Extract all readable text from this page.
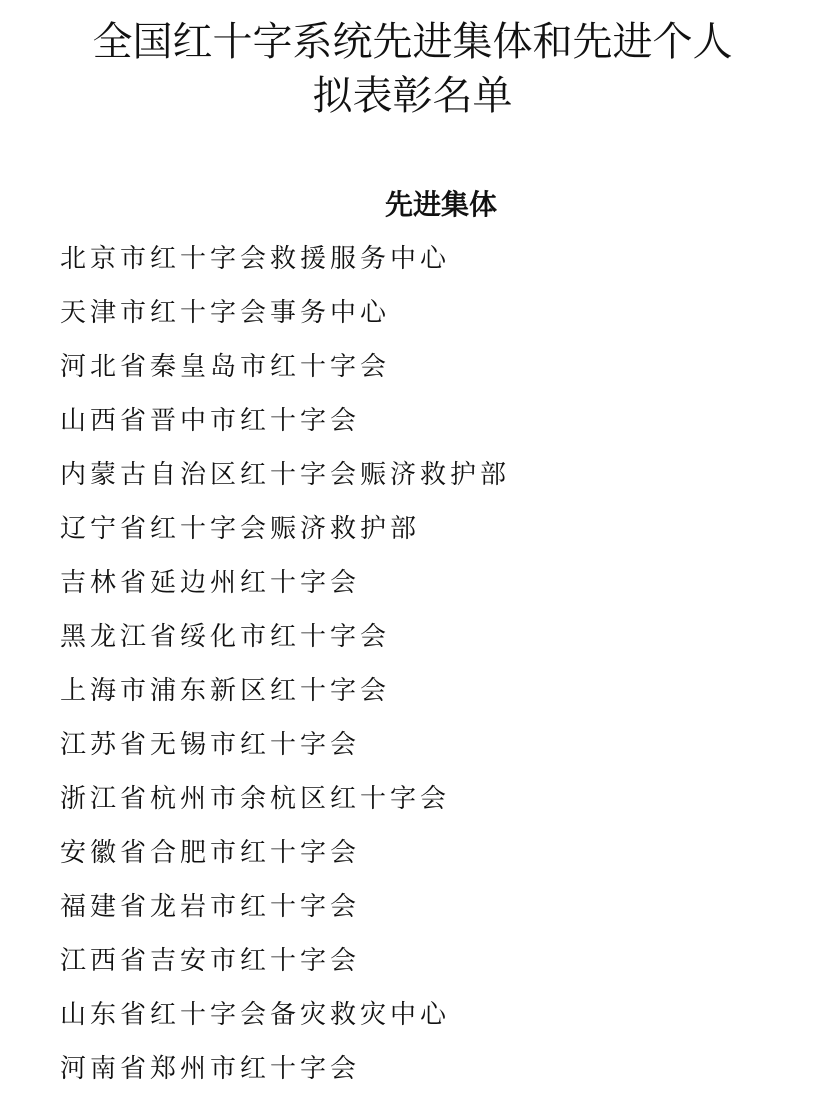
全国红十字系统先进集体和先进个人
拟表彰名单
先进集体
北京市红十字会救援服务中心
天津市红十字会事务中心
河北省秦皇岛市红十字会
山西省晋中市红十字会
内蒙古自治区红十字会赈济救护部
辽宁省红十字会赈济救护部
吉林省延边州红十字会
黑龙江省绥化市红十字会
上海市浦东新区红十字会
江苏省无锡市红十字会
浙江省杭州市余杭区红十字会
安徽省合肥市红十字会
福建省龙岩市红十字会
江西省吉安市红十字会
山东省红十字会备灾救灾中心
河南省郑州市红十字会
